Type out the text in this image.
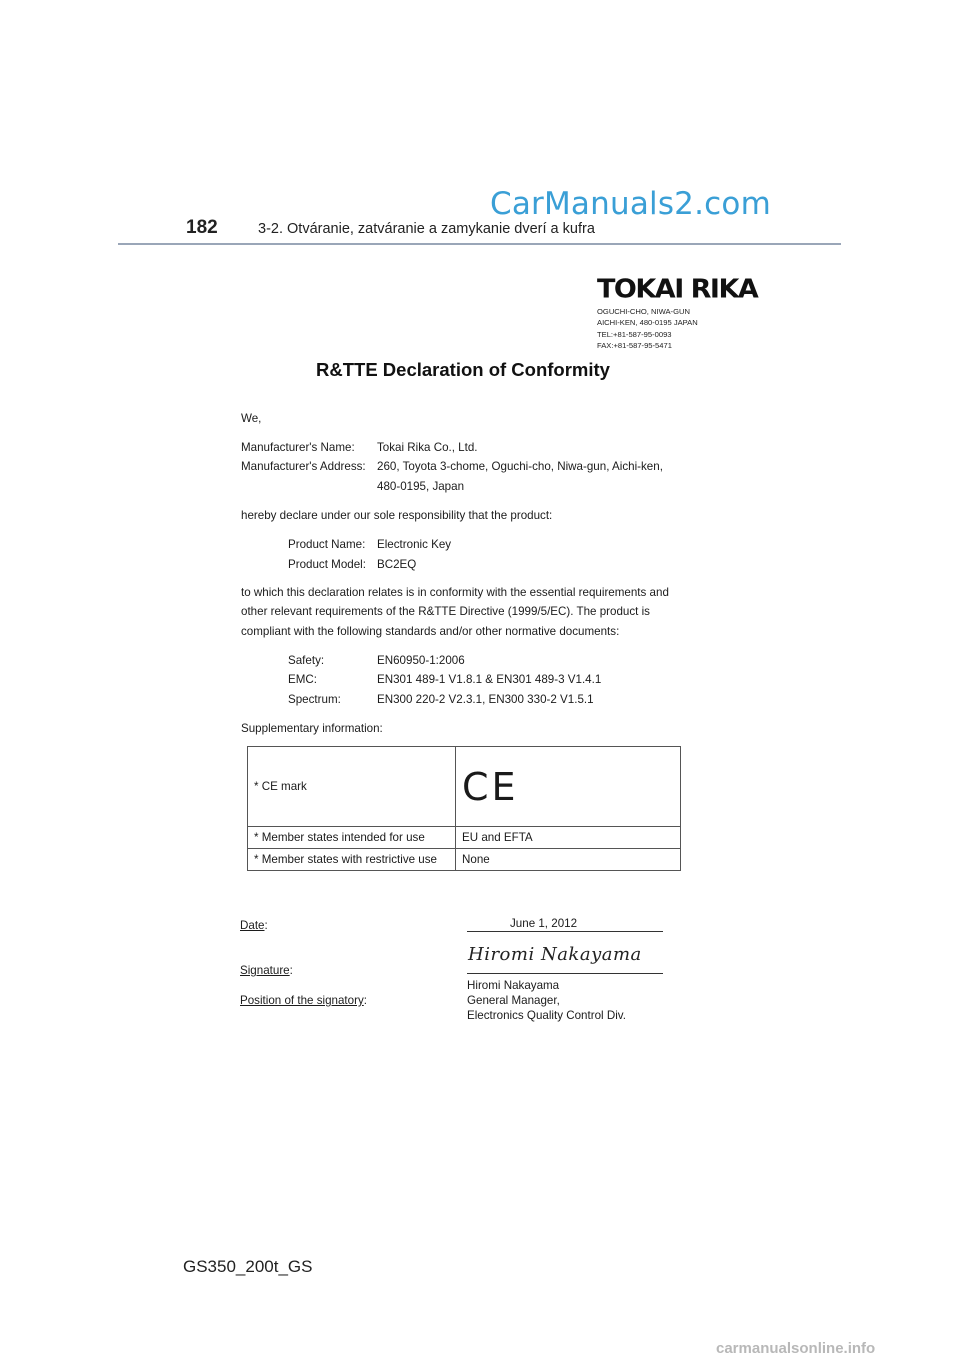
CarManuals2.com
182	3-2. Otváranie, zatváranie a zamykanie dverí a kufra
TOKAI RIKA
OGUCHI-CHO, NIWA-GUN
AICHI-KEN, 480-0195 JAPAN
TEL:+81-587-95-0093
FAX:+81-587-95-5471
R&TTE Declaration of Conformity
We,
Manufacturer's Name: Tokai Rika Co., Ltd.
Manufacturer's Address: 260, Toyota 3-chome, Oguchi-cho, Niwa-gun, Aichi-ken,
480-0195, Japan
hereby declare under our sole responsibility that the product:
Product Name: Electronic Key
Product Model: BC2EQ
to which this declaration relates is in conformity with the essential requirements and
other relevant requirements of the R&TTE Directive (1999/5/EC). The product is
compliant with the following standards and/or other normative documents:
Safety:	EN60950-1:2006
EMC:	EN301 489-1 V1.8.1 & EN301 489-3 V1.4.1
Spectrum:	EN300 220-2 V2.3.1, EN300 330-2 V1.5.1
Supplementary information:
* CE mark	CE
* Member states intended for use	EU and EFTA
* Member states with restrictive use	None
Date:	June 1, 2012
Signature:
Hiromi Nakayama
Hiromi Nakayama
Position of the signatory:	General Manager,
Electronics Quality Control Div.
GS350_200t_GS
carmanualsonline.info
